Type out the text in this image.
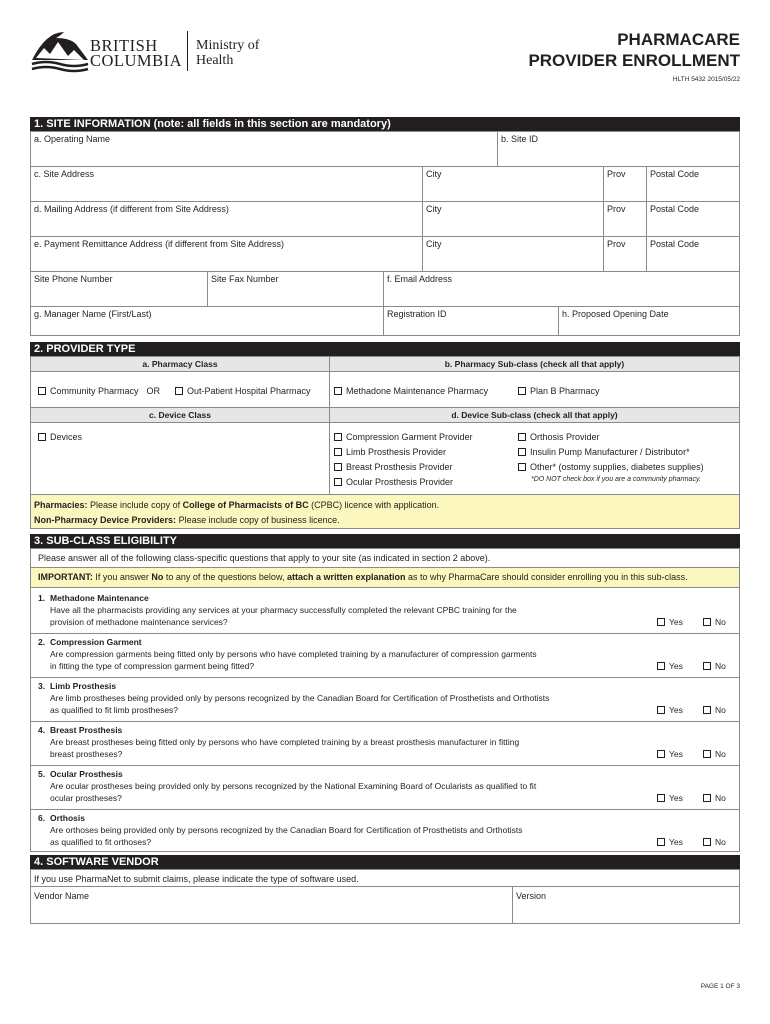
BRITISH
COLUMBIA
Ministry of
Health
PHARMACARE
PROVIDER ENROLLMENT
HLTH 5432 2015/05/22
1. SITE INFORMATION (note: all fields in this section are mandatory)
a. Operating Name	b. Site ID
c. Site Address	City	Prov	Postal Code
d. Mailing Address (if different from Site Address)	City	Prov	Postal Code
e. Payment Remittance Address (if different from Site Address)	City	Prov	Postal Code
Site Phone Number	Site Fax Number	f. Email Address
g. Manager Name (First/Last)	Registration ID	h. Proposed Opening Date
2. PROVIDER TYPE
a. Pharmacy Class	b. Pharmacy Sub-class (check all that apply)
Community Pharmacy OR	Out-Patient Hospital Pharmacy	Methadone Maintenance Pharmacy	Plan B Pharmacy
c. Device Class	d. Device Sub-class (check all that apply)
Devices	Compression Garment Provider
Limb Prosthesis Provider
Breast Prosthesis Provider
Ocular Prosthesis Provider
Orthosis Provider
Insulin Pump Manufacturer / Distributor*
Other* (ostomy supplies, diabetes supplies)
*DO NOT check box if you are a community pharmacy.
Pharmacies: Please include copy of College of Pharmacists of BC (CPBC) licence with application.
Non-Pharmacy Device Providers: Please include copy of business licence.
3. SUB-CLASS ELIGIBILITY
Please answer all of the following class-specific questions that apply to your site (as indicated in section 2 above).
IMPORTANT: If you answer No to any of the questions below, attach a written explanation as to why PharmaCare should consider enrolling you in this sub-class.
1. Methadone Maintenance
Have all the pharmacists providing any services at your pharmacy successfully completed the relevant CPBC training for the
provision of methadone maintenance services?	Yes	No
2. Compression Garment
Are compression garments being fitted only by persons who have completed training by a manufacturer of compression garments
in fitting the type of compression garment being fitted?	Yes	No
3. Limb Prosthesis
Are limb prostheses being provided only by persons recognized by the Canadian Board for Certification of Prosthetists and Orthotists
as qualified to fit limb prostheses?	Yes	No
4. Breast Prosthesis
Are breast prostheses being fitted only by persons who have completed training by a breast prosthesis manufacturer in fitting
breast prostheses?	Yes	No
5. Ocular Prosthesis
Are ocular prostheses being provided only by persons recognized by the National Examining Board of Ocularists as qualified to fit
ocular prostheses?	Yes	No
6. Orthosis
Are orthoses being provided only by persons recognized by the Canadian Board for Certification of Prosthetists and Orthotists
as qualified to fit orthoses?	Yes	No
4. SOFTWARE VENDOR
If you use PharmaNet to submit claims, please indicate the type of software used.
Vendor Name	Version
PAGE 1 OF 3
